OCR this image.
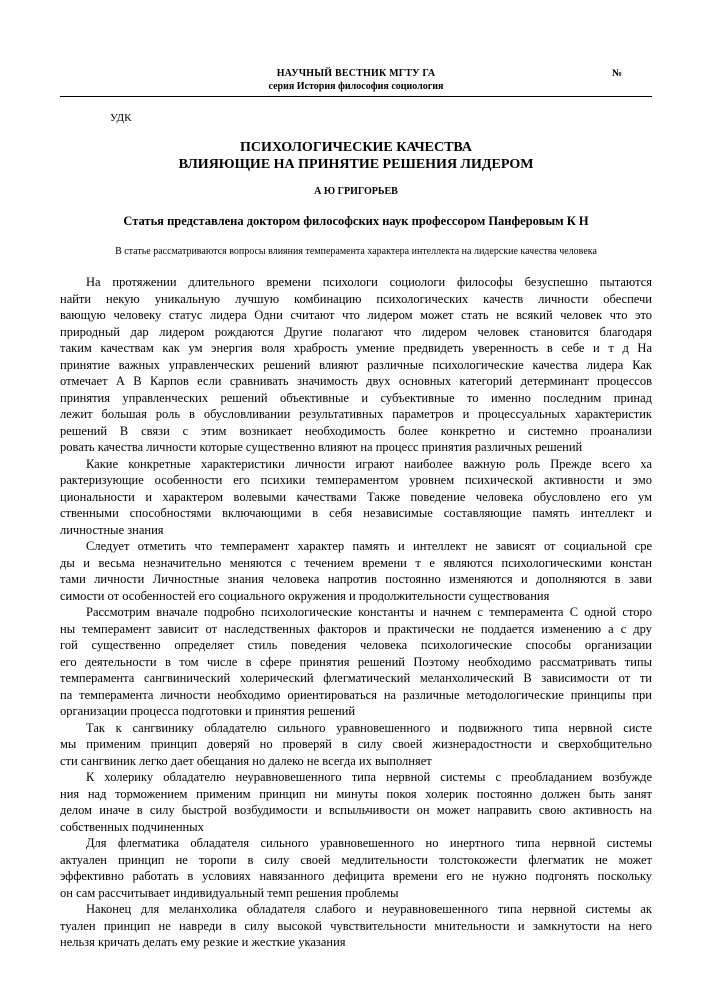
НАУЧНЫЙ ВЕСТНИК МГТУ ГА
серия История философия социология
№
УДК
ПСИХОЛОГИЧЕСКИЕ КАЧЕСТВА
ВЛИЯЮЩИЕ НА ПРИНЯТИЕ РЕШЕНИЯ ЛИДЕРОМ
А Ю ГРИГОРЬЕВ
Статья представлена доктором философских наук профессором Панферовым К Н
В статье рассматриваются вопросы влияния темперамента характера интеллекта на лидерские качества человека
На протяжении длительного времени психологи социологи философы безуспешно пытаются
найти некую уникальную лучшую комбинацию психологических качеств личности обеспечи
вающую человеку статус лидера Одни считают что лидером может стать не всякий человек что это
природный дар лидером рождаются Другие полагают что лидером человек становится благодаря
таким качествам как ум энергия воля храбрость умение предвидеть уверенность в себе и т д На
принятие важных управленческих решений влияют различные психологические качества лидера Как
отмечает А В Карпов если сравнивать значимость двух основных категорий детерминант процессов
принятия управленческих решений объективные и субъективные то именно последним принад
лежит большая роль в обусловливании результативных параметров и процессуальных характеристик
решений В связи с этим возникает необходимость более конкретно и системно проанализи
ровать качества личности которые существенно влияют на процесс принятия различных решений
Какие конкретные характеристики личности играют наиболее важную роль Прежде всего ха
рактеризующие особенности его психики темпераментом уровнем психической активности и эмо
циональности и характером волевыми качествами Также поведение человека обусловлено его ум
ственными способностями включающими в себя независимые составляющие память интеллект и
личностные знания
Следует отметить что темперамент характер память и интеллект не зависят от социальной сре
ды и весьма незначительно меняются с течением времени т е являются психологическими констан
тами личности Личностные знания человека напротив постоянно изменяются и дополняются в зави
симости от особенностей его социального окружения и продолжительности существования
Рассмотрим вначале подробно психологические константы и начнем с темперамента С одной сторо
ны темперамент зависит от наследственных факторов и практически не поддается изменению а с дру
гой существенно определяет стиль поведения человека психологические способы организации
его деятельности в том числе в сфере принятия решений Поэтому необходимо рассматривать типы
темперамента сангвинический холерический флегматический меланхолический В зависимости от ти
па темперамента личности необходимо ориентироваться на различные методологические принципы при
организации процесса подготовки и принятия решений
Так к сангвинику обладателю сильного уравновешенного и подвижного типа нервной систе
мы применим принцип доверяй но проверяй в силу своей жизнерадостности и сверхобщительно
сти сангвиник легко дает обещания но далеко не всегда их выполняет
К холерику обладателю неуравновешенного типа нервной системы с преобладанием возбужде
ния над торможением применим принцип ни минуты покоя холерик постоянно должен быть занят
делом иначе в силу быстрой возбудимости и вспыльчивости он может направить свою активность на
собственных подчиненных
Для флегматика обладателя сильного уравновешенного но инертного типа нервной системы
актуален принцип не торопи в силу своей медлительности толстокожести флегматик не может
эффективно работать в условиях навязанного дефицита времени его не нужно подгонять поскольку
он сам рассчитывает индивидуальный темп решения проблемы
Наконец для меланхолика обладателя слабого и неуравновешенного типа нервной системы ак
туален принцип не навреди в силу высокой чувствительности мнительности и замкнутости на него
нельзя кричать делать ему резкие и жесткие указания
